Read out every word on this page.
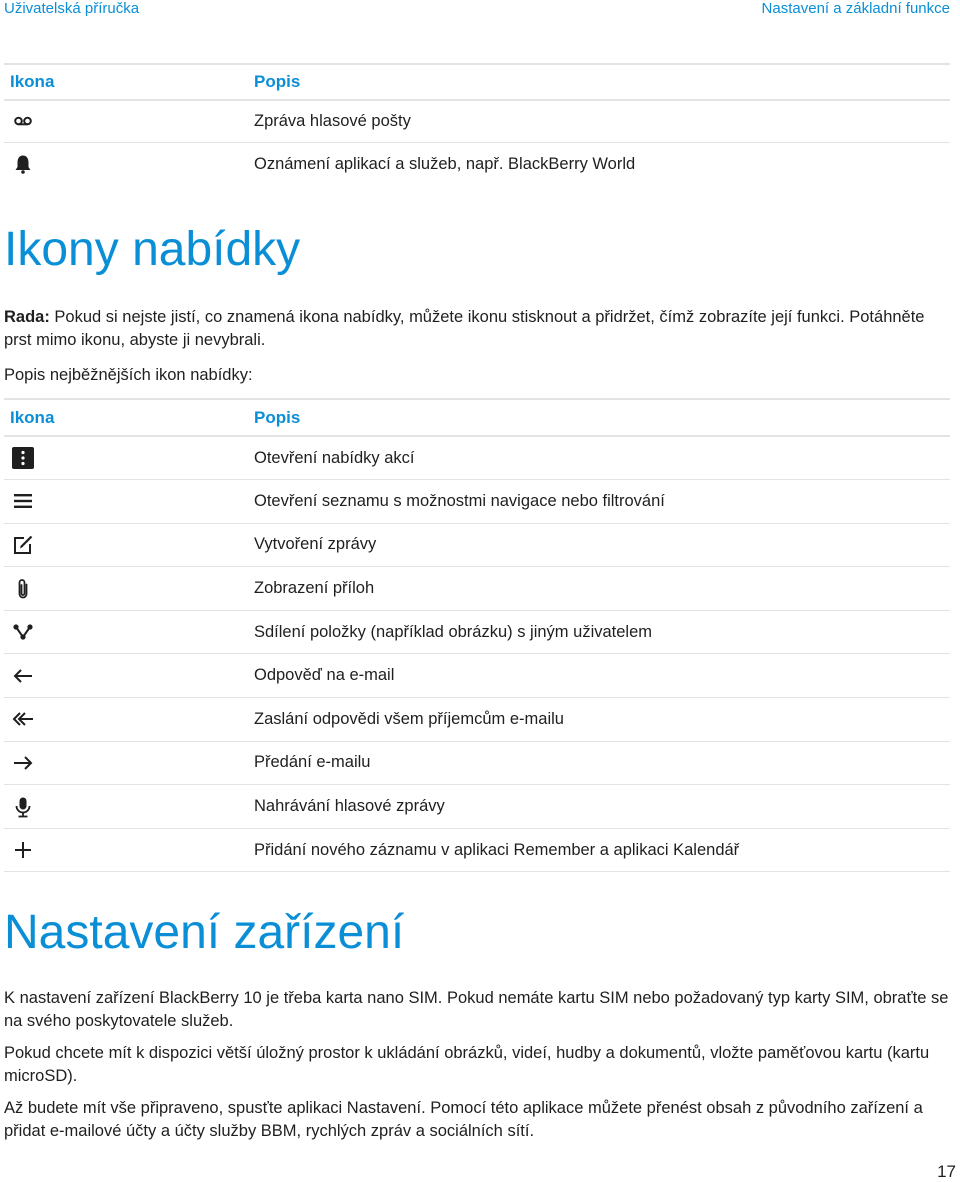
Uživatelská příručka	Nastavení a základní funkce
Ikona	Popis

	Zpráva hlasové pošty

	Oznámení aplikací a služeb, např. BlackBerry World
Ikony nabídky

Rada: Pokud si nejste jistí, co znamená ikona nabídky, můžete ikonu stisknout a přidržet, čímž zobrazíte její funkci. Potáhněte prst mimo ikonu, abyste ji nevybrali.

Popis nejběžnějších ikon nabídky:

Ikona	Popis

	Otevření nabídky akcí

	Otevření seznamu s možnostmi navigace nebo filtrování

	Vytvoření zprávy

	Zobrazení příloh

	Sdílení položky (například obrázku) s jiným uživatelem

	Odpověď na e-mail

	Zaslání odpovědi všem příjemcům e-mailu

	Předání e-mailu

	Nahrávání hlasové zprávy

	Přidání nového záznamu v aplikaci Remember a aplikaci Kalendář
Nastavení zařízení

K nastavení zařízení BlackBerry 10 je třeba karta nano SIM. Pokud nemáte kartu SIM nebo požadovaný typ karty SIM, obraťte se na svého poskytovatele služeb.

Pokud chcete mít k dispozici větší úložný prostor k ukládání obrázků, videí, hudby a dokumentů, vložte paměťovou kartu (kartu microSD).

Až budete mít vše připraveno, spusťte aplikaci Nastavení. Pomocí této aplikace můžete přenést obsah z původního zařízení a přidat e-mailové účty a účty služby BBM, rychlých zpráv a sociálních sítí.

17
